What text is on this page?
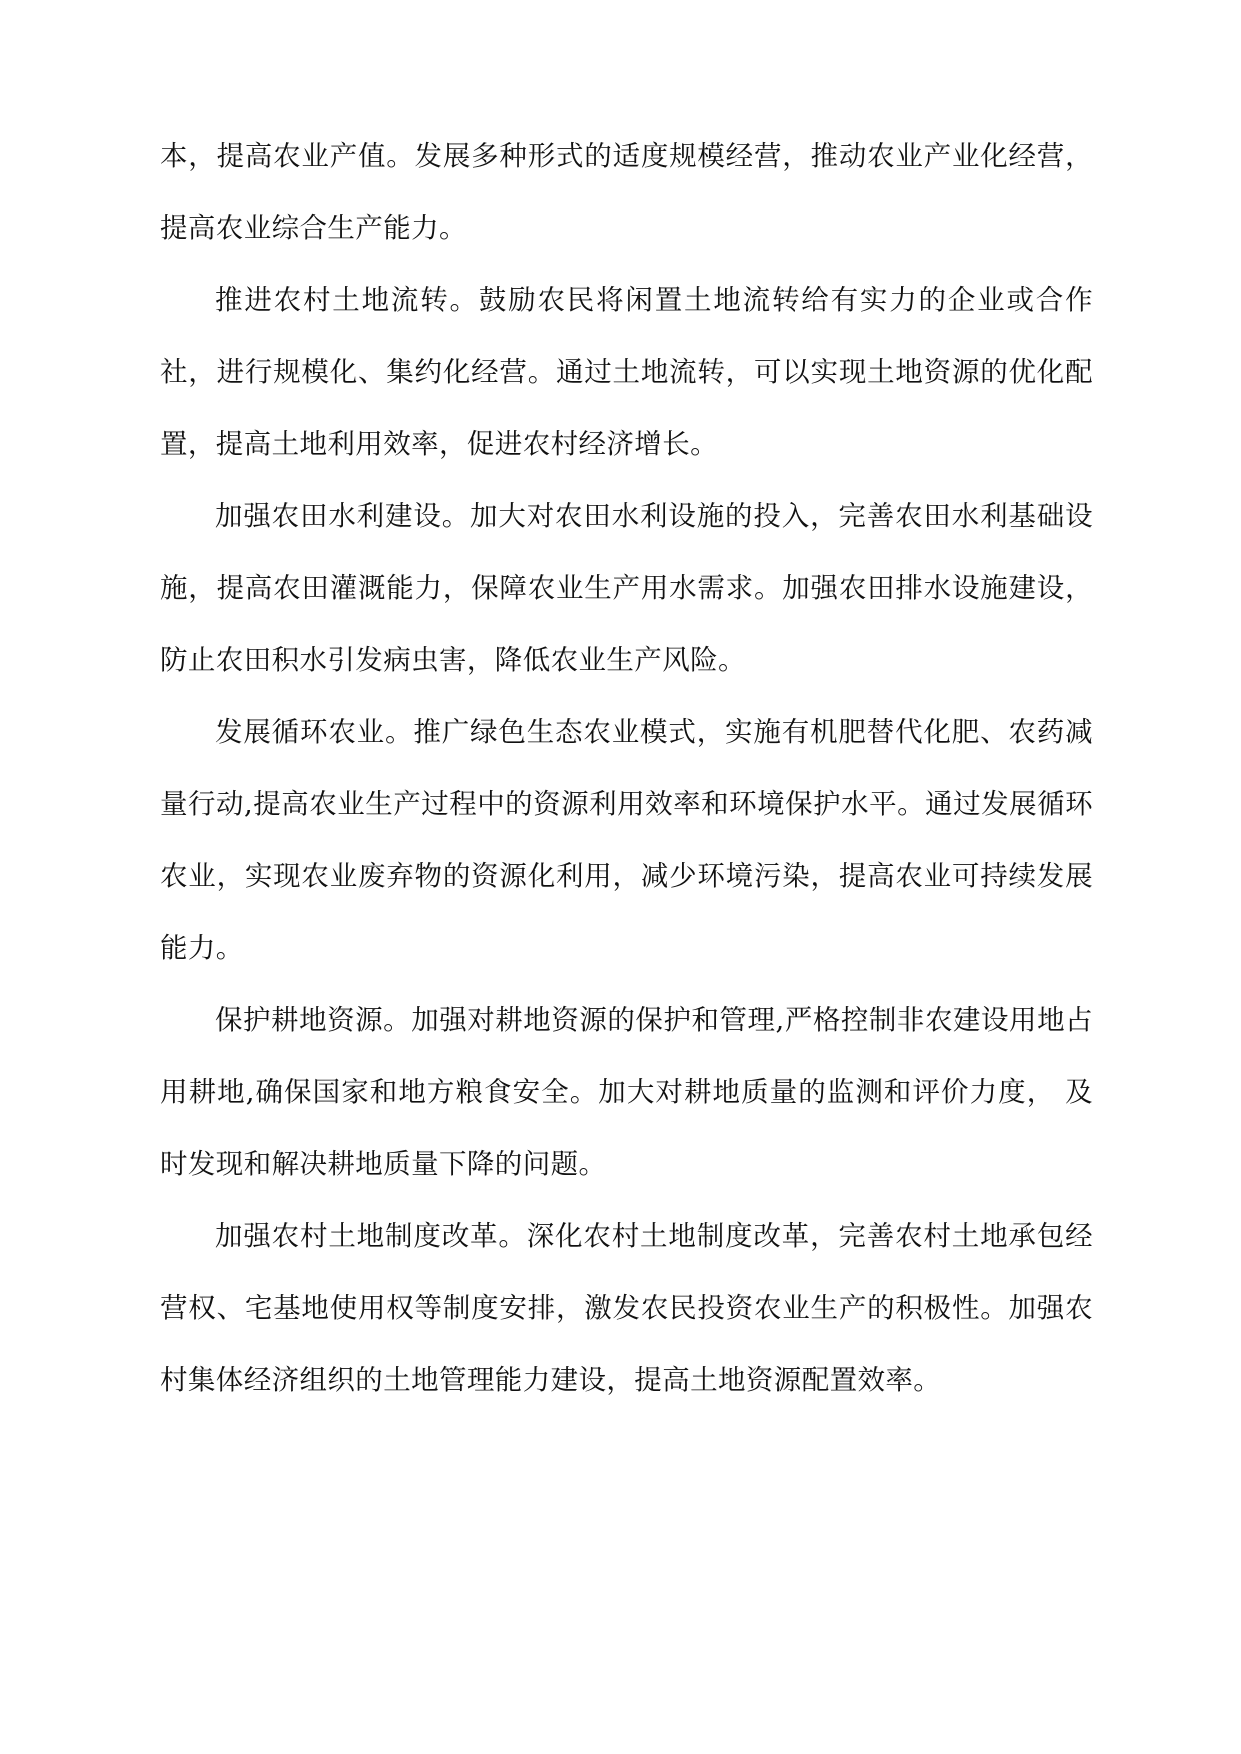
本，提高农业产值。发展多种形式的适度规模经营，推动农业产业化经营，提高农业综合生产能力。

推进农村土地流转。鼓励农民将闲置土地流转给有实力的企业或合作社，进行规模化、集约化经营。通过土地流转，可以实现土地资源的优化配置，提高土地利用效率，促进农村经济增长。

加强农田水利建设。加大对农田水利设施的投入，完善农田水利基础设施，提高农田灌溉能力，保障农业生产用水需求。加强农田排水设施建设，防止农田积水引发病虫害，降低农业生产风险。

发展循环农业。推广绿色生态农业模式，实施有机肥替代化肥、农药减量行动,提高农业生产过程中的资源利用效率和环境保护水平。通过发展循环农业，实现农业废弃物的资源化利用，减少环境污染，提高农业可持续发展能力。

保护耕地资源。加强对耕地资源的保护和管理,严格控制非农建设用地占用耕地,确保国家和地方粮食安全。加大对耕地质量的监测和评价力度， 及时发现和解决耕地质量下降的问题。

加强农村土地制度改革。深化农村土地制度改革，完善农村土地承包经营权、宅基地使用权等制度安排，激发农民投资农业生产的积极性。加强农村集体经济组织的土地管理能力建设，提高土地资源配置效率。
